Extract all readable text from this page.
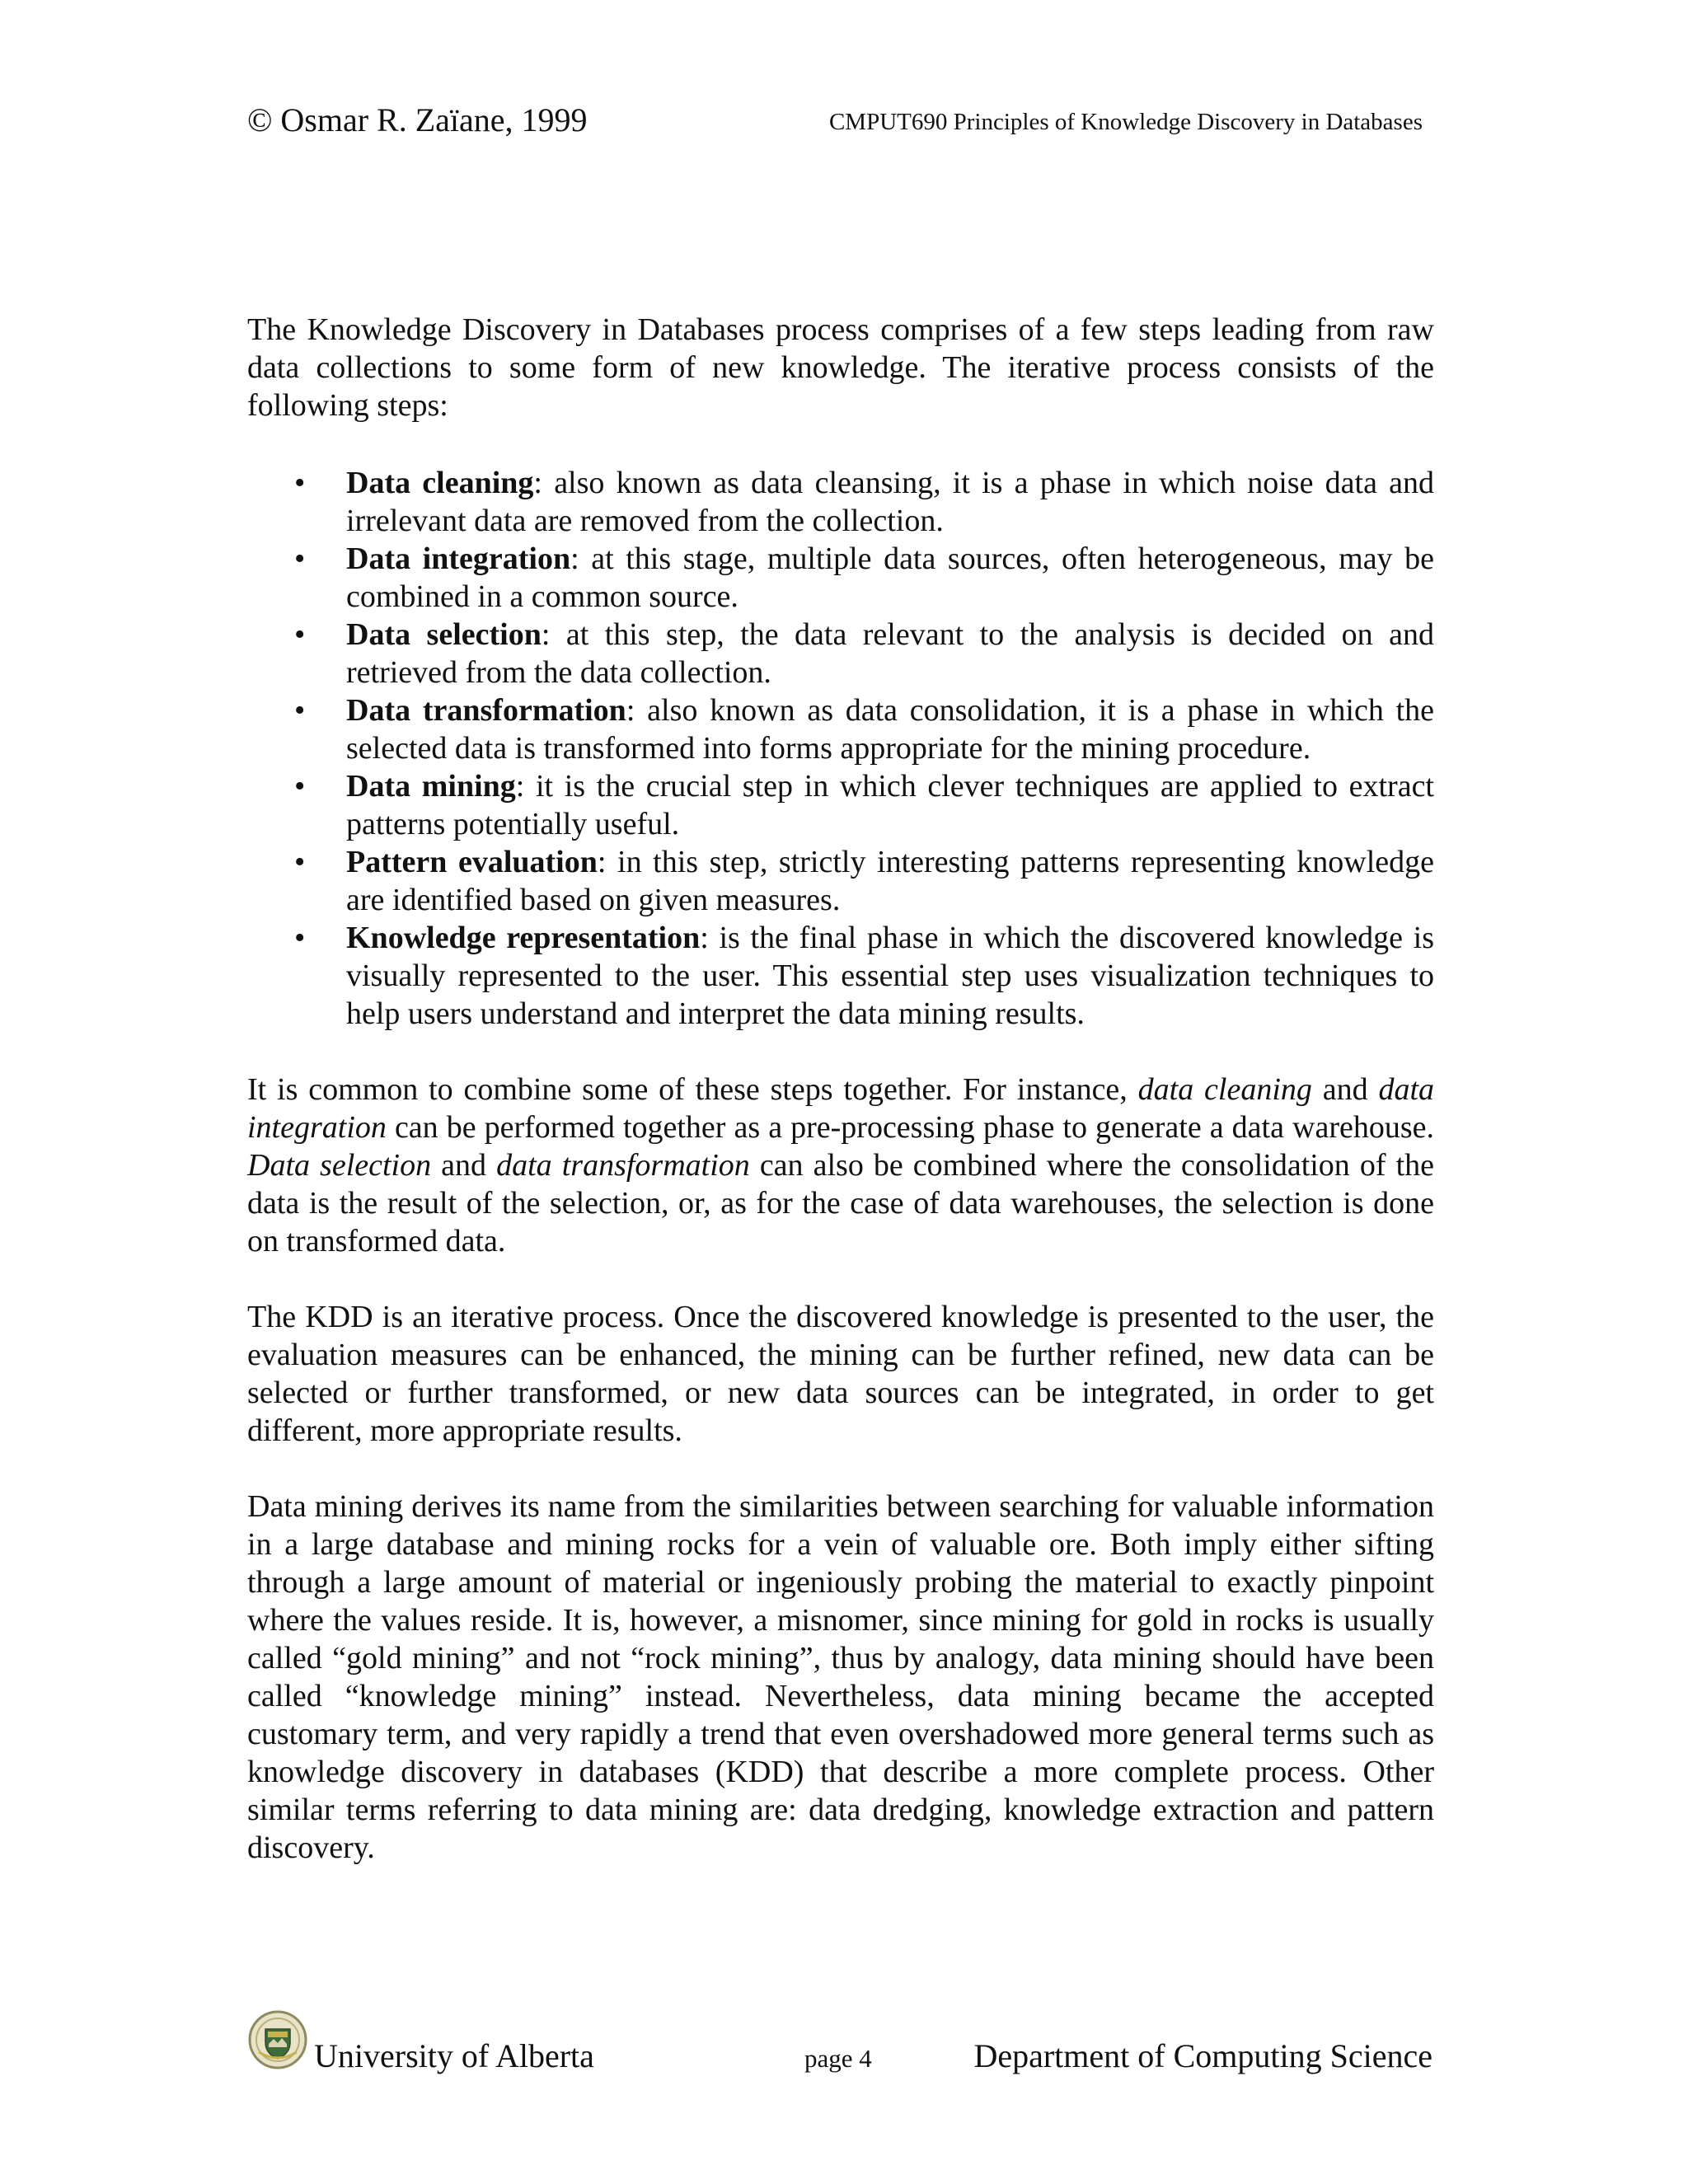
© Osmar R. Zaïane, 1999	CMPUT690 Principles of Knowledge Discovery in Databases

The Knowledge Discovery in Databases process comprises of a few steps leading from raw data collections to some form of new knowledge. The iterative process consists of the following steps:

• Data cleaning: also known as data cleansing, it is a phase in which noise data and irrelevant data are removed from the collection.
• Data integration: at this stage, multiple data sources, often heterogeneous, may be combined in a common source.
• Data selection: at this step, the data relevant to the analysis is decided on and retrieved from the data collection.
• Data transformation: also known as data consolidation, it is a phase in which the selected data is transformed into forms appropriate for the mining procedure.
• Data mining: it is the crucial step in which clever techniques are applied to extract patterns potentially useful.
• Pattern evaluation: in this step, strictly interesting patterns representing knowledge are identified based on given measures.
• Knowledge representation: is the final phase in which the discovered knowledge is visually represented to the user. This essential step uses visualization techniques to help users understand and interpret the data mining results.

It is common to combine some of these steps together. For instance, data cleaning and data integration can be performed together as a pre-processing phase to generate a data warehouse. Data selection and data transformation can also be combined where the consolidation of the data is the result of the selection, or, as for the case of data warehouses, the selection is done on transformed data.

The KDD is an iterative process. Once the discovered knowledge is presented to the user, the evaluation measures can be enhanced, the mining can be further refined, new data can be selected or further transformed, or new data sources can be integrated, in order to get different, more appropriate results.

Data mining derives its name from the similarities between searching for valuable information in a large database and mining rocks for a vein of valuable ore. Both imply either sifting through a large amount of material or ingeniously probing the material to exactly pinpoint where the values reside. It is, however, a misnomer, since mining for gold in rocks is usually called “gold mining” and not “rock mining”, thus by analogy, data mining should have been called “knowledge mining” instead. Nevertheless, data mining became the accepted customary term, and very rapidly a trend that even overshadowed more general terms such as knowledge discovery in databases (KDD) that describe a more complete process. Other similar terms referring to data mining are: data dredging, knowledge extraction and pattern discovery.

University of Alberta	page 4	Department of Computing Science
